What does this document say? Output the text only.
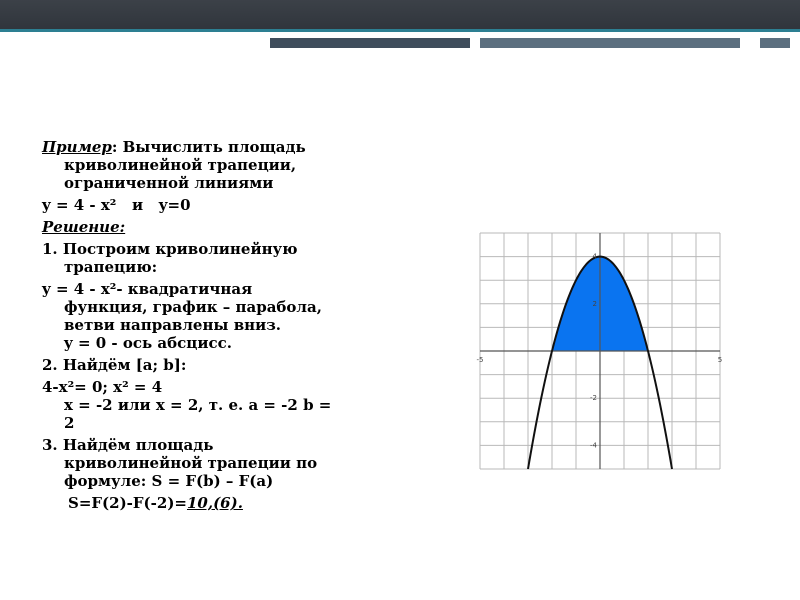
Пример: Вычислить площадь
криволинейной трапеции,
ограниченной линиями
y = 4 - x²   и   y=0
Решение:
1. Построим криволинейную
трапецию:
y = 4 - x²- квадратичная
функция, график – парабола,
ветви направлены вниз.
y = 0 - ось абсцисс.
2. Найдём [a; b]:
4-x²= 0; x² = 4
x = -2 или x = 2, т. е. a = -2 b =
2
3. Найдём площадь
криволинейной трапеции по
формуле: S = F(b) – F(a)
S=F(2)-F(-2)=10,(6).
-5	5
4
2
-2
-4
